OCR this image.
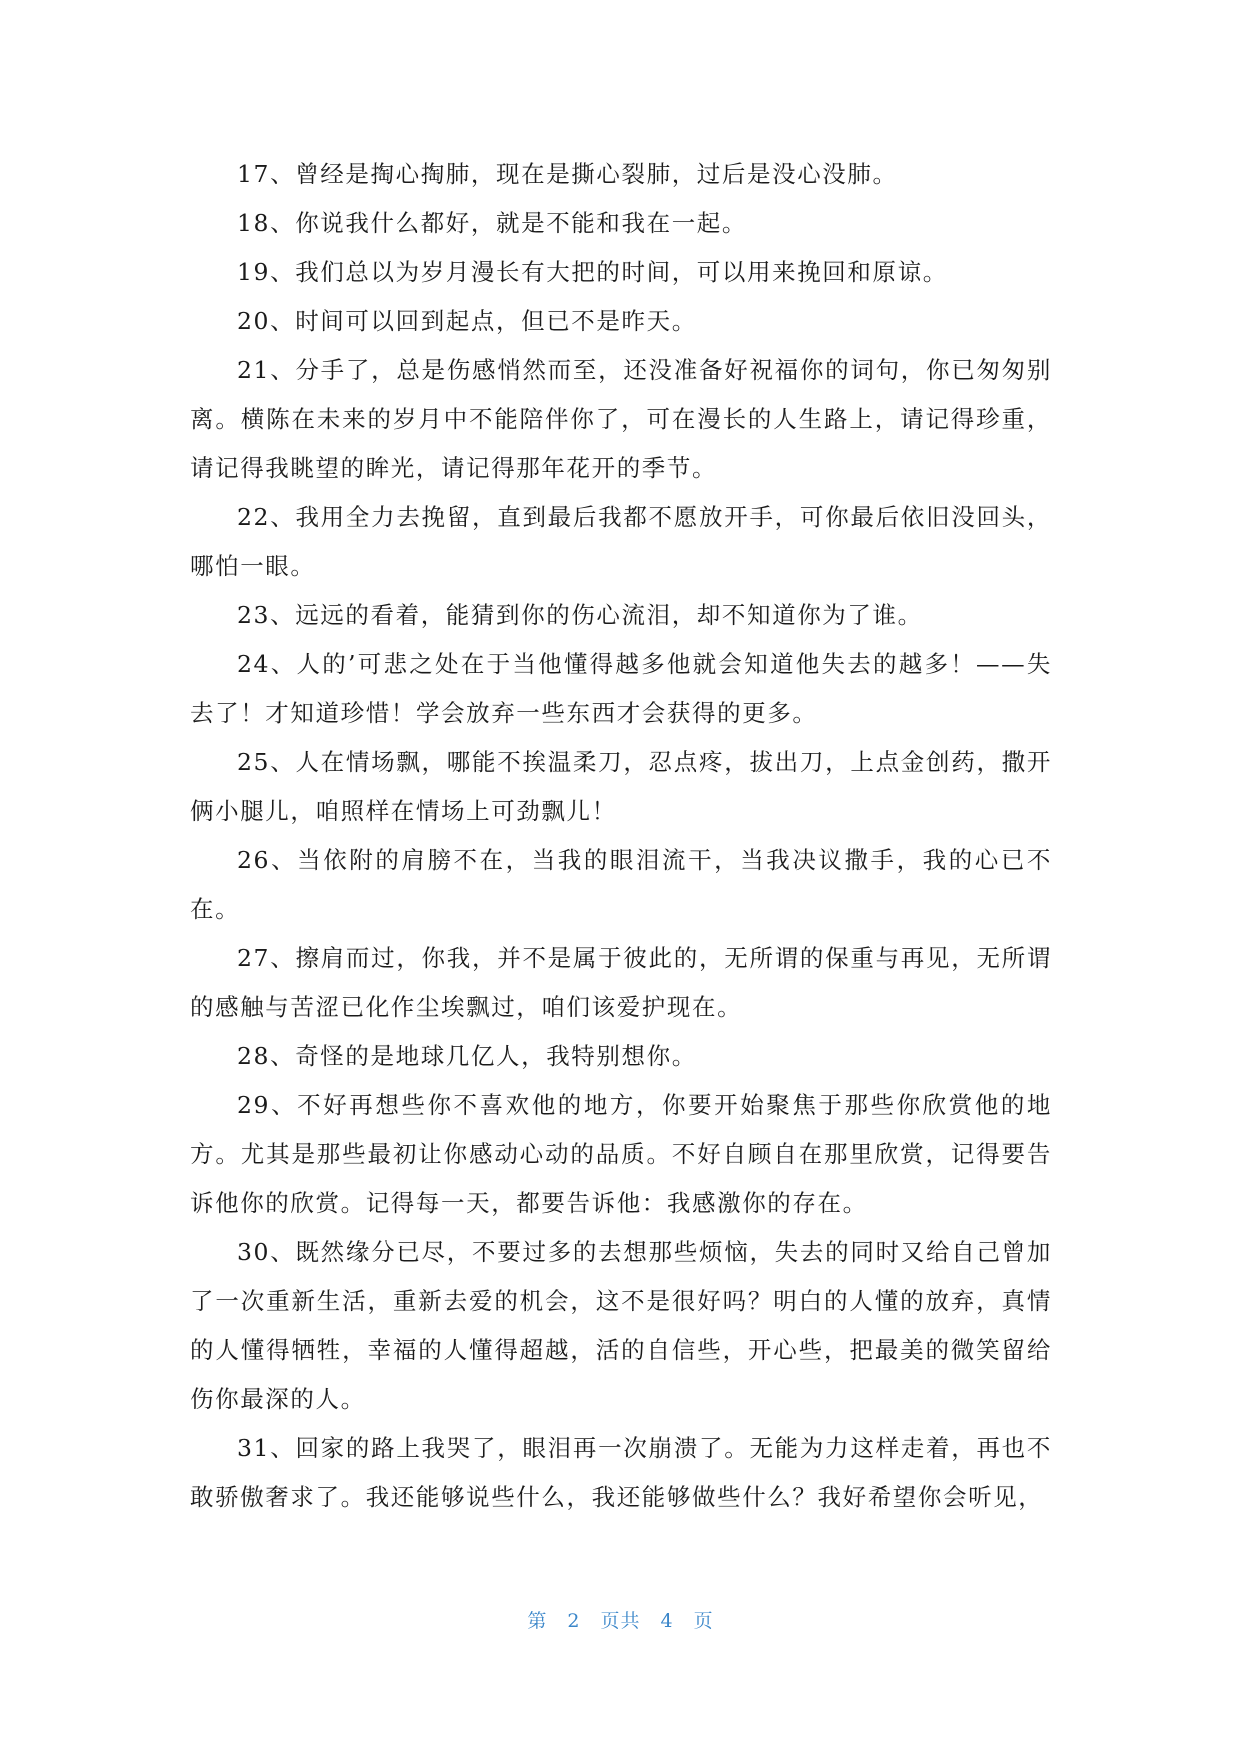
17、曾经是掏心掏肺，现在是撕心裂肺，过后是没心没肺。

18、你说我什么都好，就是不能和我在一起。

19、我们总以为岁月漫长有大把的时间，可以用来挽回和原谅。

20、时间可以回到起点，但已不是昨天。

21、分手了，总是伤感悄然而至，还没准备好祝福你的词句，你已匆匆别离。横陈在未来的岁月中不能陪伴你了，可在漫长的人生路上，请记得珍重，请记得我眺望的眸光，请记得那年花开的季节。

22、我用全力去挽留，直到最后我都不愿放开手，可你最后依旧没回头，哪怕一眼。

23、远远的看着，能猜到你的伤心流泪，却不知道你为了谁。

24、人的’可悲之处在于当他懂得越多他就会知道他失去的越多！——失去了！才知道珍惜！学会放弃一些东西才会获得的更多。

25、人在情场飘，哪能不挨温柔刀，忍点疼，拔出刀，上点金创药，撒开俩小腿儿，咱照样在情场上可劲飘儿！

26、当依附的肩膀不在，当我的眼泪流干，当我决议撒手，我的心已不在。

27、擦肩而过，你我，并不是属于彼此的，无所谓的保重与再见，无所谓的感触与苦涩已化作尘埃飘过，咱们该爱护现在。

28、奇怪的是地球几亿人，我特别想你。

29、不好再想些你不喜欢他的地方，你要开始聚焦于那些你欣赏他的地方。尤其是那些最初让你感动心动的品质。不好自顾自在那里欣赏，记得要告诉他你的欣赏。记得每一天，都要告诉他：我感激你的存在。

30、既然缘分已尽，不要过多的去想那些烦恼，失去的同时又给自己曾加了一次重新生活，重新去爱的机会，这不是很好吗？明白的人懂的放弃，真情的人懂得牺牲，幸福的人懂得超越，活的自信些，开心些，把最美的微笑留给伤你最深的人。

31、回家的路上我哭了，眼泪再一次崩溃了。无能为力这样走着，再也不敢骄傲奢求了。我还能够说些什么，我还能够做些什么？我好希望你会听见，

第 2 页共 4 页
